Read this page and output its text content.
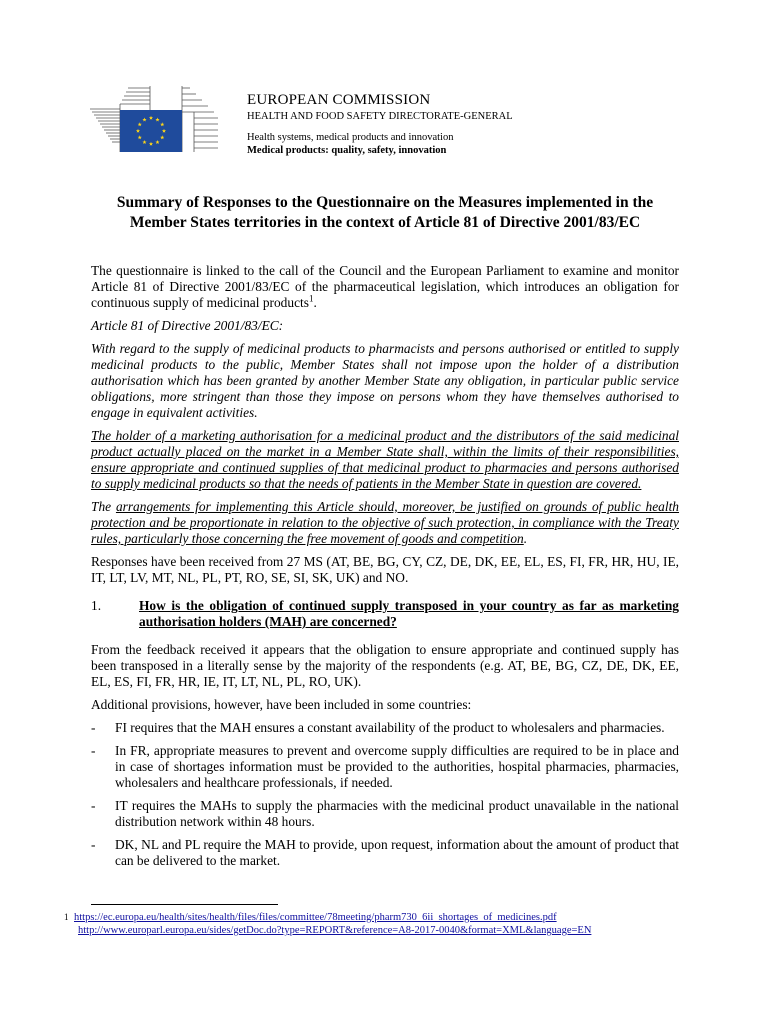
EUROPEAN COMMISSION
HEALTH AND FOOD SAFETY DIRECTORATE-GENERAL
Health systems, medical products and innovation
Medical products: quality, safety, innovation
Summary of Responses to the Questionnaire on the Measures implemented in the
Member States territories in the context of Article 81 of Directive 2001/83/EC

The questionnaire is linked to the call of the Council and the European Parliament to examine and monitor Article 81 of Directive 2001/83/EC of the pharmaceutical legislation, which introduces an obligation for continuous supply of medicinal products$^1$.

Article 81 of Directive 2001/83/EC:

With regard to the supply of medicinal products to pharmacists and persons authorised or entitled to supply medicinal products to the public, Member States shall not impose upon the holder of a distribution authorisation which has been granted by another Member State any obligation, in particular public service obligations, more stringent than those they impose on persons whom they have themselves authorised to engage in equivalent activities.

The holder of a marketing authorisation for a medicinal product and the distributors of the said medicinal product actually placed on the market in a Member State shall, within the limits of their responsibilities, ensure appropriate and continued supplies of that medicinal product to pharmacies and persons authorised to supply medicinal products so that the needs of patients in the Member State in question are covered.

The arrangements for implementing this Article should, moreover, be justified on grounds of public health protection and be proportionate in relation to the objective of such protection, in compliance with the Treaty rules, particularly those concerning the free movement of goods and competition.

Responses have been received from 27 MS (AT, BE, BG, CY, CZ, DE, DK, EE, EL, ES, FI, FR, HR, HU, IE, IT, LT, LV, MT, NL, PL, PT, RO, SE, SI, SK, UK) and NO.

1.	How is the obligation of continued supply transposed in your country as far as marketing authorisation holders (MAH) are concerned?

From the feedback received it appears that the obligation to ensure appropriate and continued supply has been transposed in a literally sense by the majority of the respondents (e.g. AT, BE, BG, CZ, DE, DK, EE, EL, ES, FI, FR, HR, IE, IT, LT, NL, PL, RO, UK).

Additional provisions, however, have been included in some countries:

-	FI requires that the MAH ensures a constant availability of the product to wholesalers and pharmacies.
-	In FR, appropriate measures to prevent and overcome supply difficulties are required to be in place and in case of shortages information must be provided to the authorities, hospital pharmacies, pharmacies, wholesalers and healthcare professionals, if needed.
-	IT requires the MAHs to supply the pharmacies with the medicinal product unavailable in the national distribution network within 48 hours.
-	DK, NL and PL require the MAH to provide, upon request, information about the amount of product that can be delivered to the market.
1 https://ec.europa.eu/health/sites/health/files/files/committee/78meeting/pharm730_6ii_shortages_of_medicines.pdf
http://www.europarl.europa.eu/sides/getDoc.do?type=REPORT&reference=A8-2017-0040&format=XML&language=EN
